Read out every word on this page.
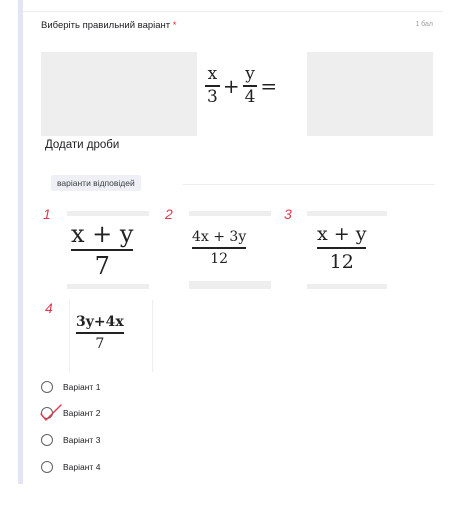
Виберіть правильний варіант *	1 бал
$\frac{x}{3} + \frac{y}{4}$ =
Додати дроби
варіанти відповідей
1
x + y
7
2
4x + 3y
12
3
x + y
12
4
3y+4x
7
Варіант 1
Варіант 2
Варіант 3
Варіант 4
